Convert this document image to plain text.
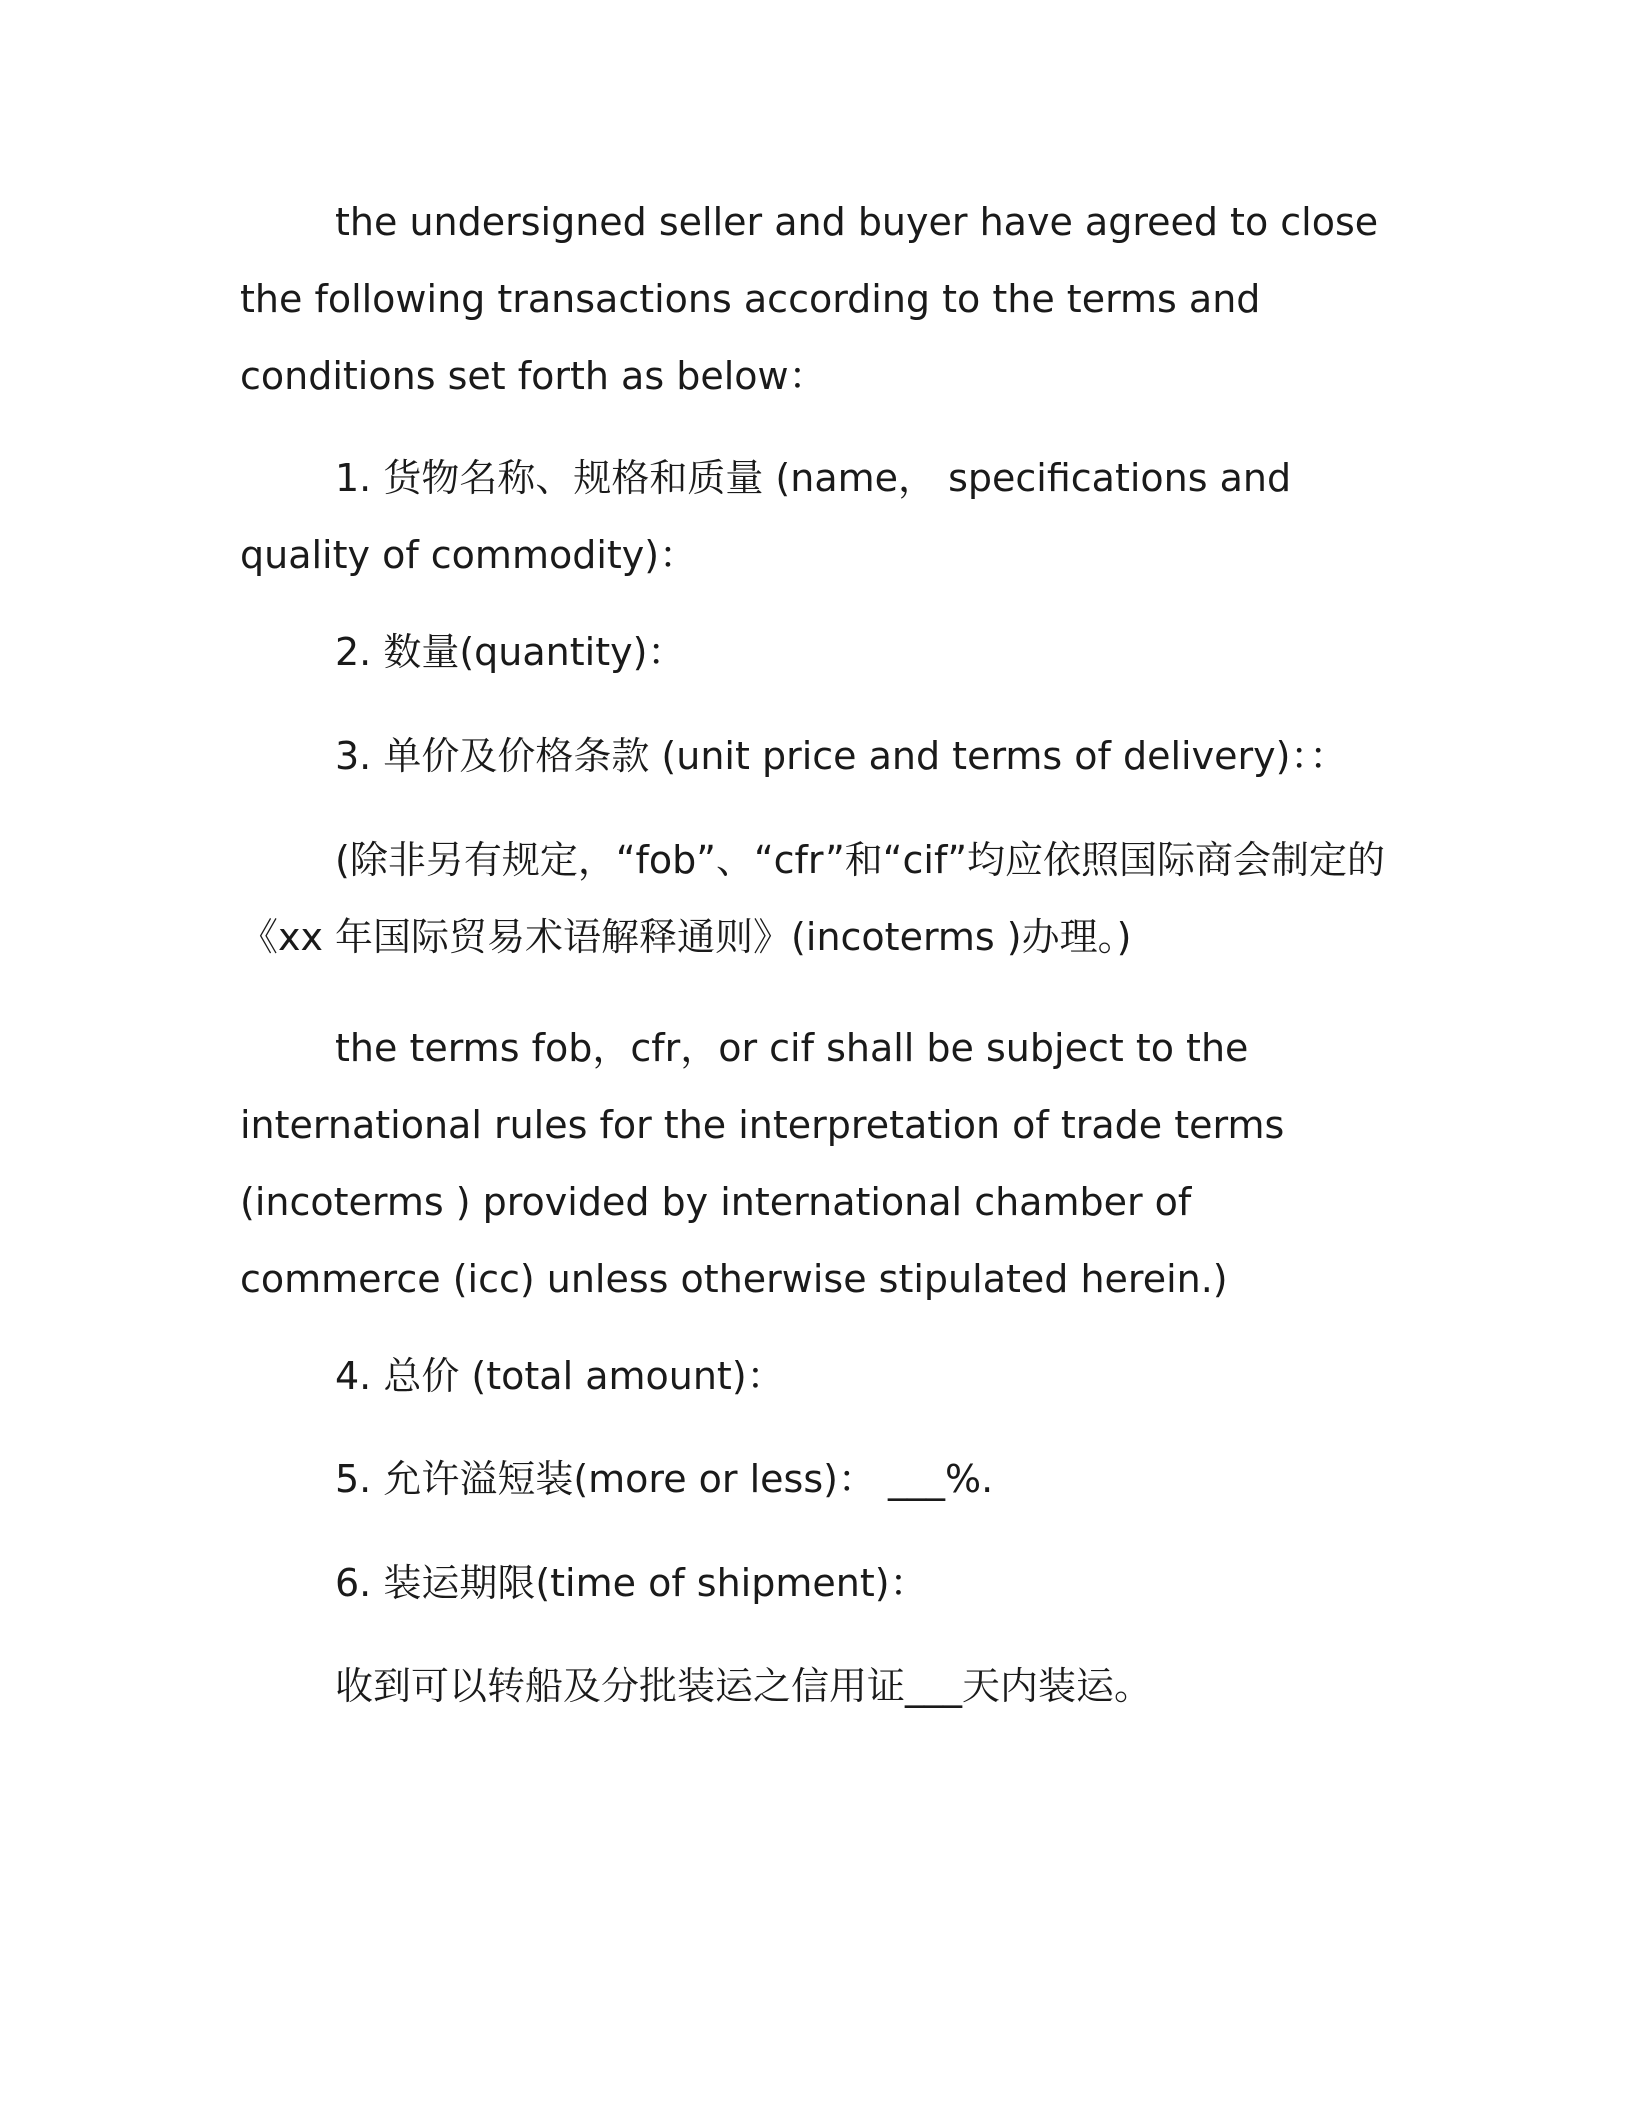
the undersigned seller and buyer have agreed to close the following transactions according to the terms and conditions set forth as below：

1. 货物名称、规格和质量 (name， specifications and quality of commodity)：

2. 数量(quantity)：

3. 单价及价格条款 (unit price and terms of delivery)：：

(除非另有规定，“fob”、“cfr”和“cif”均应依照国际商会制定的《xx 年国际贸易术语解释通则》(incoterms )办理。)

the terms fob，cfr，or cif shall be subject to the international rules for the interpretation of trade terms (incoterms ) provided by international chamber of commerce (icc) unless otherwise stipulated herein.)

4. 总价 (total amount)：

5. 允许溢短装(more or less)： ___%.

6. 装运期限(time of shipment)：

收到可以转船及分批装运之信用证___天内装运。
